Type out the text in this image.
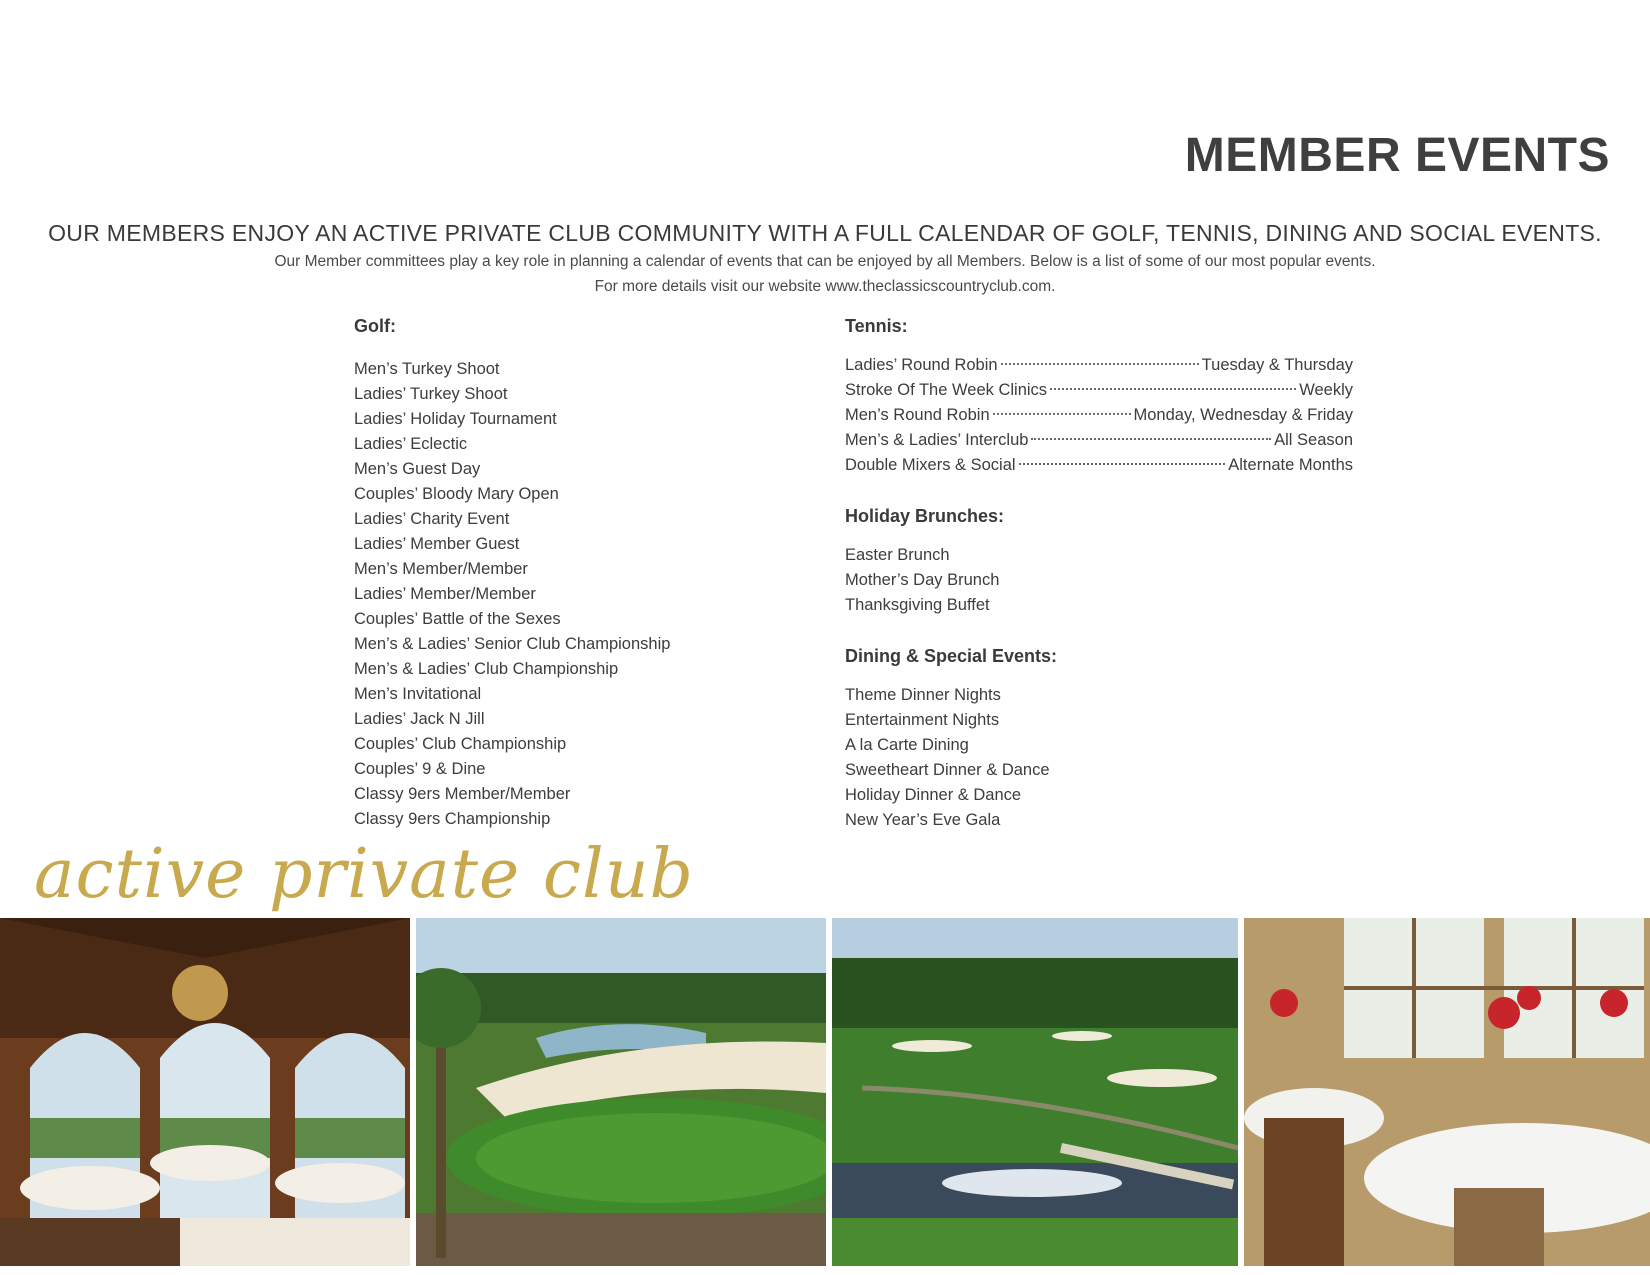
MEMBER EVENTS
OUR MEMBERS ENJOY AN ACTIVE PRIVATE CLUB COMMUNITY WITH A FULL CALENDAR OF GOLF, TENNIS, DINING AND SOCIAL EVENTS.
Our Member committees play a key role in planning a calendar of events that can be enjoyed by all Members. Below is a list of some of our most popular events.
For more details visit our website www.theclassicscountryclub.com.
Golf:
Men’s Turkey Shoot
Ladies’ Turkey Shoot
Ladies’ Holiday Tournament
Ladies’ Eclectic
Men’s Guest Day
Couples’ Bloody Mary Open
Ladies’ Charity Event
Ladies’ Member Guest
Men’s Member/Member
Ladies’ Member/Member
Couples’ Battle of the Sexes
Men’s & Ladies’ Senior Club Championship
Men’s & Ladies’ Club Championship
Men’s Invitational
Ladies’ Jack N Jill
Couples’ Club Championship
Couples’ 9 & Dine
Classy 9ers Member/Member
Classy 9ers Championship
Tennis:
Ladies’ Round Robin	Tuesday & Thursday
Stroke Of The Week Clinics	Weekly
Men’s Round Robin	Monday, Wednesday & Friday
Men’s & Ladies’ Interclub	All Season
Double Mixers & Social	Alternate Months
Holiday Brunches:
Easter Brunch
Mother’s Day Brunch
Thanksgiving Buffet
Dining & Special Events:
Theme Dinner Nights
Entertainment Nights
A la Carte Dining
Sweetheart Dinner & Dance
Holiday Dinner & Dance
New Year’s Eve Gala
active private club
